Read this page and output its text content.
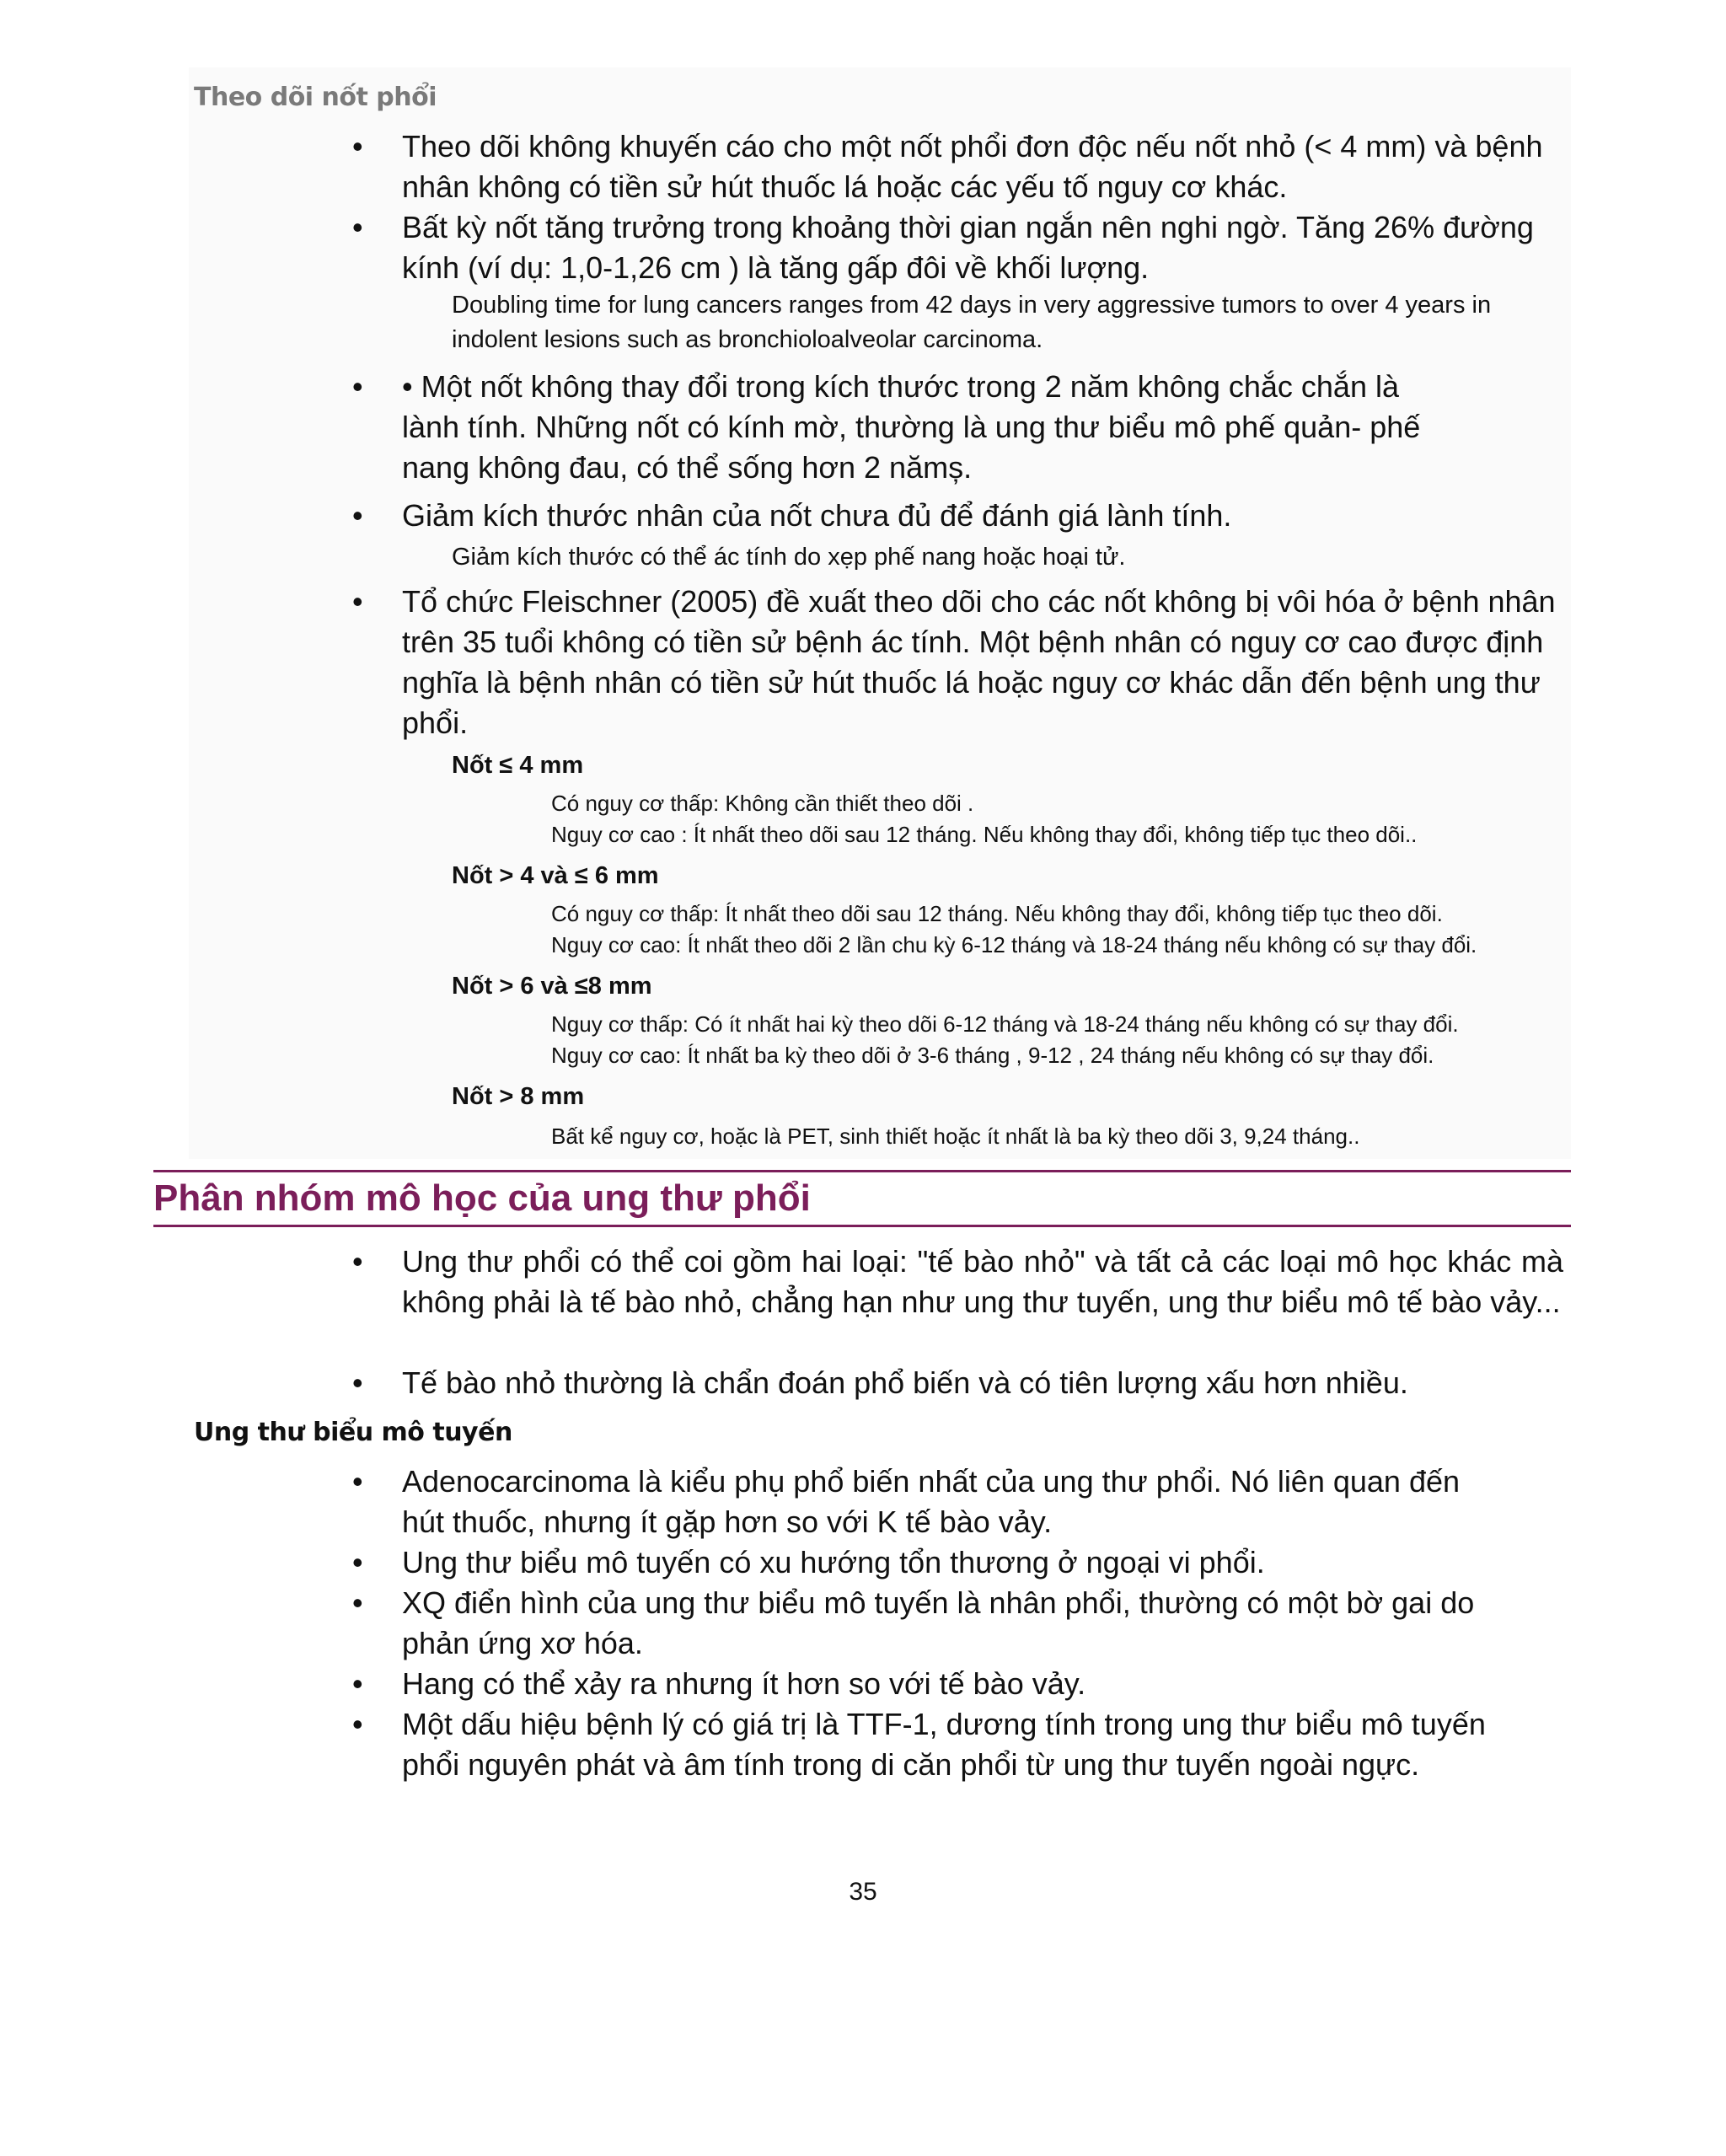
Theo dõi nốt phổi
• Theo dõi không khuyến cáo cho một nốt phổi đơn độc nếu nốt nhỏ (< 4 mm) và bệnh nhân không có tiền sử hút thuốc lá hoặc các yếu tố nguy cơ khác.
• Bất kỳ nốt tăng trưởng trong khoảng thời gian ngắn nên nghi ngờ. Tăng 26% đường kính (ví dụ: 1,0-1,26 cm ) là tăng gấp đôi về khối lượng.
Doubling time for lung cancers ranges from 42 days in very aggressive tumors to over 4 years in indolent lesions such as bronchioloalveolar carcinoma.
• • Một nốt không thay đổi trong kích thước trong 2 năm không chắc chắn là lành tính. Những nốt có kính mờ, thường là ung thư biểu mô phế quản- phế nang không đau, có thể sống hơn 2 nămș.
• Giảm kích thước nhân của nốt chưa đủ để đánh giá lành tính.
Giảm kích thước có thể ác tính do xẹp phế nang hoặc hoại tử.
• Tổ chức Fleischner (2005) đề xuất theo dõi cho các nốt không bị vôi hóa ở bệnh nhân trên 35 tuổi không có tiền sử bệnh ác tính. Một bệnh nhân có nguy cơ cao được định nghĩa là bệnh nhân có tiền sử hút thuốc lá hoặc nguy cơ khác dẫn đến bệnh ung thư phổi.
Nốt ≤ 4 mm
Có nguy cơ thấp: Không cần thiết theo dõi .
Nguy cơ cao : Ít nhất theo dõi sau 12 tháng. Nếu không thay đổi, không tiếp tục theo dõi..
Nốt > 4 và ≤ 6 mm
Có nguy cơ thấp: Ít nhất theo dõi sau 12 tháng. Nếu không thay đổi, không tiếp tục theo dõi.
Nguy cơ cao: Ít nhất theo dõi 2 lần chu kỳ 6-12 tháng và 18-24 tháng nếu không có sự thay đổi.
Nốt > 6 và ≤8 mm
Nguy cơ thấp: Có ít nhất hai kỳ theo dõi 6-12 tháng và 18-24 tháng nếu không có sự thay đổi.
Nguy cơ cao: Ít nhất ba kỳ theo dõi ở 3-6 tháng , 9-12 , 24 tháng nếu không có sự thay đổi.
Nốt > 8 mm
Bất kể nguy cơ, hoặc là PET, sinh thiết hoặc ít nhất là ba kỳ theo dõi 3, 9,24 tháng..
Phân nhóm mô học của ung thư phổi
• Ung thư phổi có thể coi gồm hai loại: "tế bào nhỏ" và tất cả các loại mô học khác mà không phải là tế bào nhỏ, chẳng hạn như ung thư tuyến, ung thư biểu mô tế bào vảy...
• Tế bào nhỏ thường là chẩn đoán phổ biến và có tiên lượng xấu hơn nhiều.
Ung thư biểu mô tuyến
• Adenocarcinoma là kiểu phụ phổ biến nhất của ung thư phổi. Nó liên quan đến hút thuốc, nhưng ít gặp hơn so với K tế bào vảy.
• Ung thư biểu mô tuyến có xu hướng tổn thương ở ngoại vi phổi.
• XQ điển hình của ung thư biểu mô tuyến là nhân phổi, thường có một bờ gai do phản ứng xơ hóa.
• Hang có thể xảy ra nhưng ít hơn so với tế bào vảy.
• Một dấu hiệu bệnh lý có giá trị là TTF-1, dương tính trong ung thư biểu mô tuyến phổi nguyên phát và âm tính trong di căn phổi từ ung thư tuyến ngoài ngực.
35
